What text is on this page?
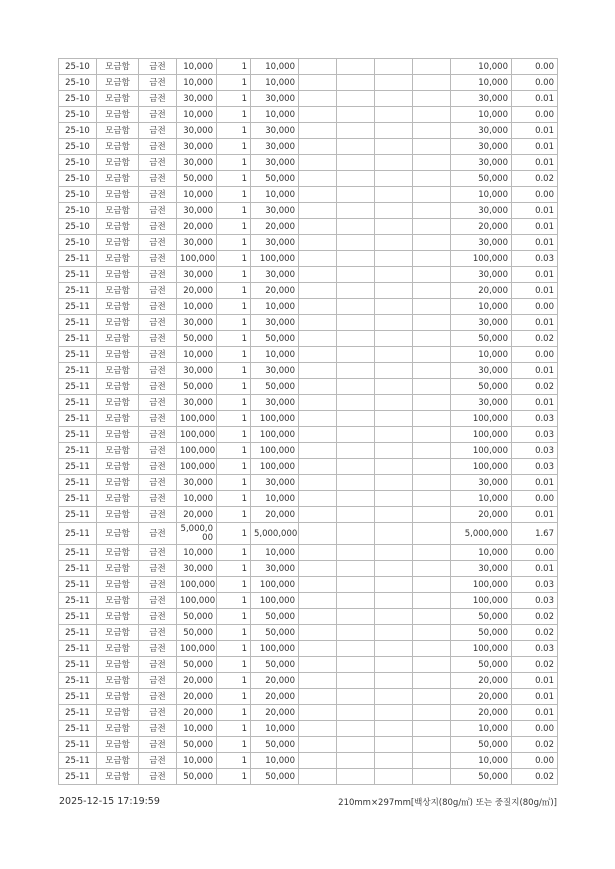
25-10	모금함	금전	10,000	1	10,000					10,000	0.00
25-10	모금함	금전	10,000	1	10,000					10,000	0.00
25-10	모금함	금전	30,000	1	30,000					30,000	0.01
25-10	모금함	금전	10,000	1	10,000					10,000	0.00
25-10	모금함	금전	30,000	1	30,000					30,000	0.01
25-10	모금함	금전	30,000	1	30,000					30,000	0.01
25-10	모금함	금전	30,000	1	30,000					30,000	0.01
25-10	모금함	금전	50,000	1	50,000					50,000	0.02
25-10	모금함	금전	10,000	1	10,000					10,000	0.00
25-10	모금함	금전	30,000	1	30,000					30,000	0.01
25-10	모금함	금전	20,000	1	20,000					20,000	0.01
25-10	모금함	금전	30,000	1	30,000					30,000	0.01
25-11	모금함	금전	100,000	1	100,000					100,000	0.03
25-11	모금함	금전	30,000	1	30,000					30,000	0.01
25-11	모금함	금전	20,000	1	20,000					20,000	0.01
25-11	모금함	금전	10,000	1	10,000					10,000	0.00
25-11	모금함	금전	30,000	1	30,000					30,000	0.01
25-11	모금함	금전	50,000	1	50,000					50,000	0.02
25-11	모금함	금전	10,000	1	10,000					10,000	0.00
25-11	모금함	금전	30,000	1	30,000					30,000	0.01
25-11	모금함	금전	50,000	1	50,000					50,000	0.02
25-11	모금함	금전	30,000	1	30,000					30,000	0.01
25-11	모금함	금전	100,000	1	100,000					100,000	0.03
25-11	모금함	금전	100,000	1	100,000					100,000	0.03
25-11	모금함	금전	100,000	1	100,000					100,000	0.03
25-11	모금함	금전	100,000	1	100,000					100,000	0.03
25-11	모금함	금전	30,000	1	30,000					30,000	0.01
25-11	모금함	금전	10,000	1	10,000					10,000	0.00
25-11	모금함	금전	20,000	1	20,000					20,000	0.01
25-11	모금함	금전	5,000,000	1	5,000,000					5,000,000	1.67
25-11	모금함	금전	10,000	1	10,000					10,000	0.00
25-11	모금함	금전	30,000	1	30,000					30,000	0.01
25-11	모금함	금전	100,000	1	100,000					100,000	0.03
25-11	모금함	금전	100,000	1	100,000					100,000	0.03
25-11	모금함	금전	50,000	1	50,000					50,000	0.02
25-11	모금함	금전	50,000	1	50,000					50,000	0.02
25-11	모금함	금전	100,000	1	100,000					100,000	0.03
25-11	모금함	금전	50,000	1	50,000					50,000	0.02
25-11	모금함	금전	20,000	1	20,000					20,000	0.01
25-11	모금함	금전	20,000	1	20,000					20,000	0.01
25-11	모금함	금전	20,000	1	20,000					20,000	0.01
25-11	모금함	금전	10,000	1	10,000					10,000	0.00
25-11	모금함	금전	50,000	1	50,000					50,000	0.02
25-11	모금함	금전	10,000	1	10,000					10,000	0.00
25-11	모금함	금전	50,000	1	50,000					50,000	0.02
2025-12-15 17:19:59	210mm×297mm[백상지(80g/㎡) 또는 중질지(80g/㎡)]
